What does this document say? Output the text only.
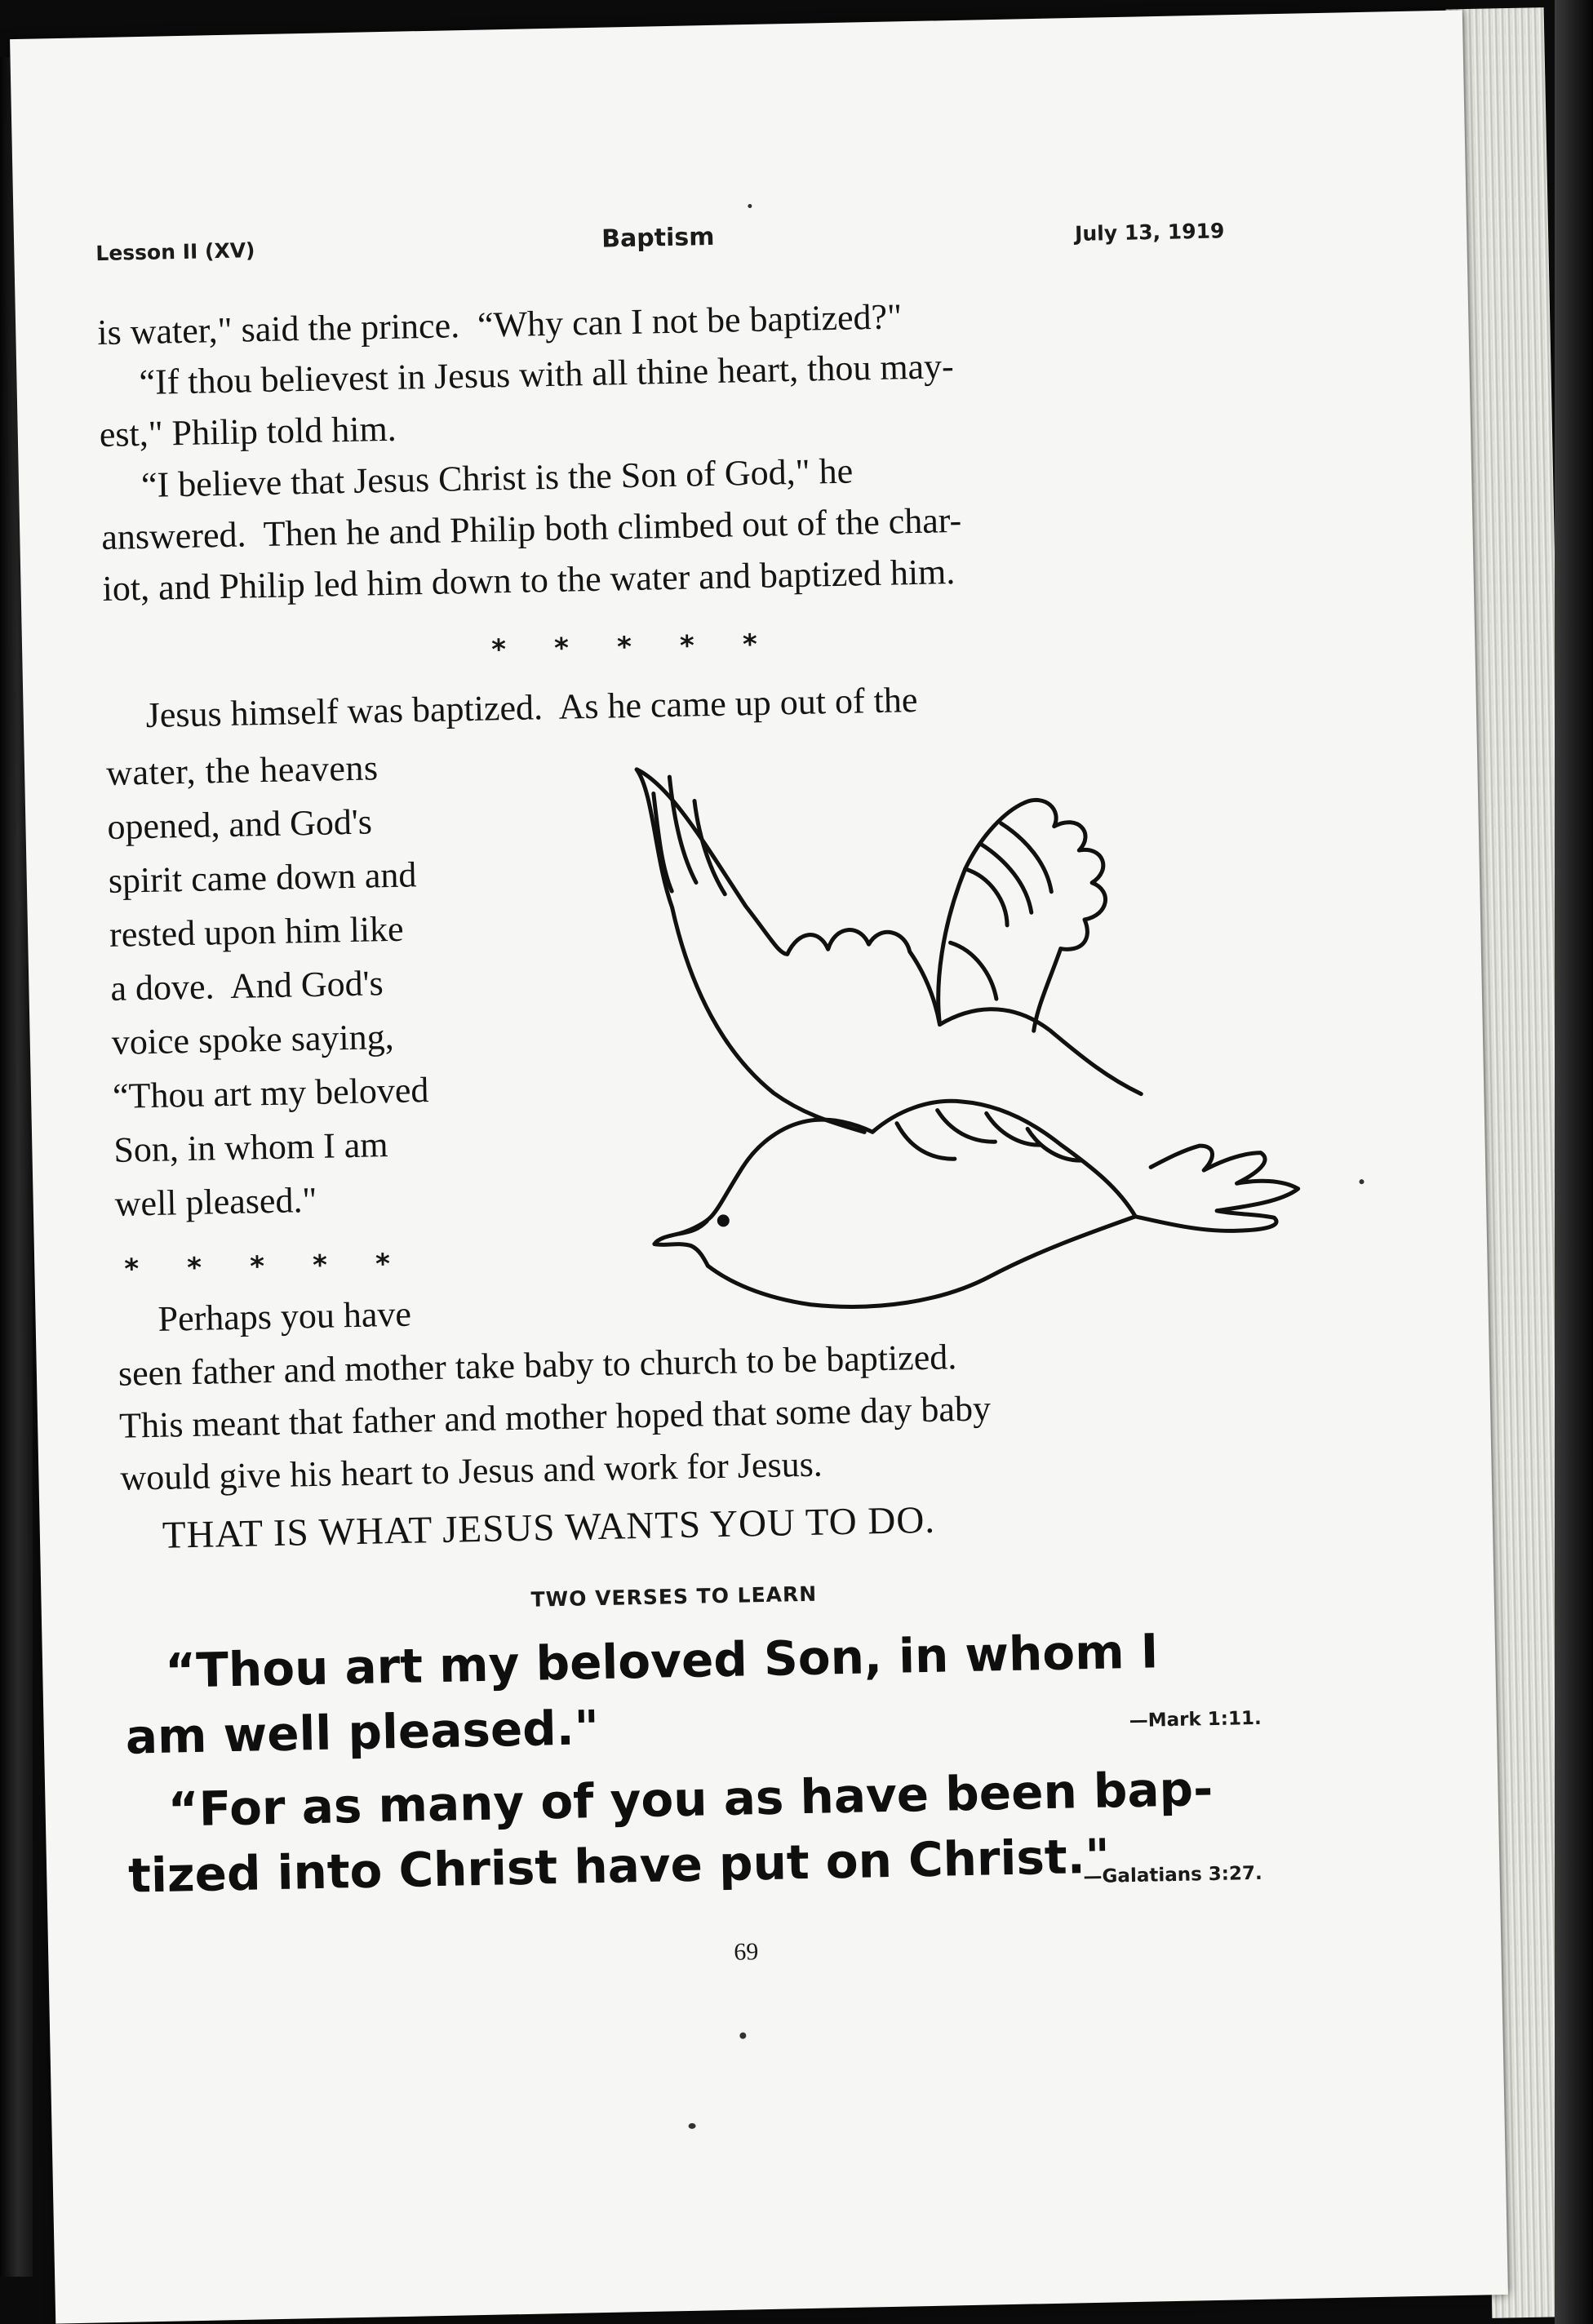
Lesson II (XV)	Baptism	July 13, 1919
is water," said the prince.  “Why can I not be baptized?"
“If thou believest in Jesus with all thine heart, thou may-
est," Philip told him.
“I believe that Jesus Christ is the Son of God," he
answered.  Then he and Philip both climbed out of the char-
iot, and Philip led him down to the water and baptized him.
*     *     *     *     *
Jesus himself was baptized.  As he came up out of the
water, the heavens
opened, and God's
spirit came down and
rested upon him like
a dove.  And God's
voice spoke saying,
“Thou art my beloved
Son, in whom I am
well pleased."
*     *     *     *     *
Perhaps you have
seen father and mother take baby to church to be baptized.
This meant that father and mother hoped that some day baby
would give his heart to Jesus and work for Jesus.
THAT IS WHAT JESUS WANTS YOU TO DO.
TWO VERSES TO LEARN
“Thou art my beloved Son, in whom I
am well pleased."	—Mark 1:11.
“For as many of you as have been bap-
tized into Christ have put on Christ."
—Galatians 3:27.
69
